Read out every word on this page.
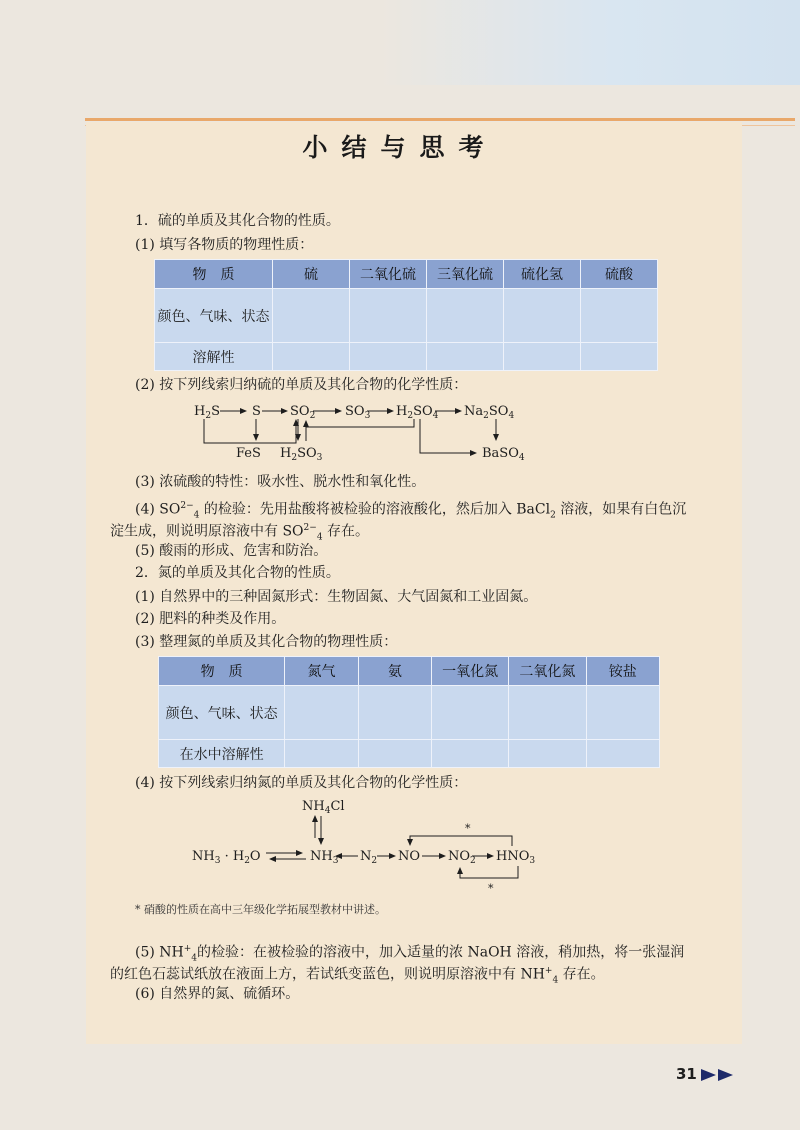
小结与思考
1．硫的单质及其化合物的性质。
(1) 填写各物质的物理性质：
物　质	硫	二氧化硫	三氧化硫	硫化氢	硫酸
颜色、气味、状态					
溶解性					
(2) 按下列线索归纳硫的单质及其化合物的化学性质：
$H_2S$ S $SO_2$ $SO_3$ $H_2SO_4$ $Na_2SO_4$
FeS $H_2SO_3$	BaSO$_4$
(3) 浓硫酸的特性：吸水性、脱水性和氧化性。
(4) $SO^{2-}_4$ 的检验：先用盐酸将被检验的溶液酸化，然后加入 BaCl$_2$ 溶液，如果有白色沉
淀生成，则说明原溶液中有 $SO^{2-}_4$ 存在。
(5) 酸雨的形成、危害和防治。
2．氮的单质及其化合物的性质。
(1) 自然界中的三种固氮形式：生物固氮、大气固氮和工业固氮。
(2) 肥料的种类及作用。
(3) 整理氮的单质及其化合物的物理性质：
物　质	氮气	氨	一氧化氮	二氧化氮	铵盐
颜色、气味、状态					
在水中溶解性					
(4) 按下列线索归纳氮的单质及其化合物的化学性质：
$NH_4Cl$
$NH_3 \cdot H_2O$	$NH_3$ $N_2$ NO $NO_2$ $HNO_3$
*
*
* 硝酸的性质在高中三年级化学拓展型教材中讲述。
(5) $NH^+_4$的检验：在被检验的溶液中，加入适量的浓 NaOH 溶液，稍加热，将一张湿润
的红色石蕊试纸放在液面上方，若试纸变蓝色，则说明原溶液中有 $NH^+_4$ 存在。
(6) 自然界的氮、硫循环。
31
